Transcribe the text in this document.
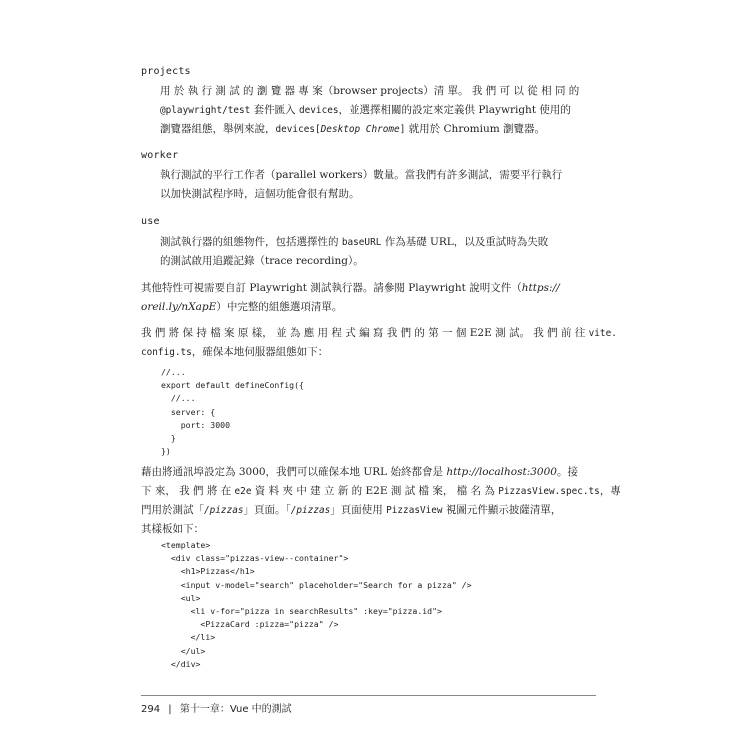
projects
用 於 執 行 測 試 的 瀏 覽 器 專 案（browser projects）清 單。 我 們 可 以 從 相 同 的
@playwright/test 套件匯入 devices，並選擇相關的設定來定義供 Playwright 使用的
瀏覽器組態，舉例來說，devices[Desktop Chrome] 就用於 Chromium 瀏覽器。
worker
執行測試的平行工作者（parallel workers）數量。當我們有許多測試，需要平行執行
以加快測試程序時，這個功能會很有幫助。
use
測試執行器的組態物件，包括選擇性的 baseURL 作為基礎 URL，以及重試時為失敗
的測試啟用追蹤記錄（trace recording）。
其他特性可視需要自訂 Playwright 測試執行器。請參閱 Playwright 說明文件（https://
oreil.ly/nXapE）中完整的組態選項清單。
我 們 將 保 持 檔 案 原 樣， 並 為 應 用 程 式 編 寫 我 們 的 第 一 個 E2E 測 試。 我 們 前 往 vite.
config.ts，確保本地伺服器組態如下：
//...
export default defineConfig({
//...
server: {
port: 3000
}
})
藉由將通訊埠設定為 3000，我們可以確保本地 URL 始終都會是 http://localhost:3000。接
下 來， 我 們 將 在 e2e 資 料 夾 中 建 立 新 的 E2E 測 試 檔 案， 檔 名 為 PizzasView.spec.ts，專
門用於測試「/pizzas」頁面。「/pizzas」頁面使用 PizzasView 視圖元件顯示披薩清單，
其樣板如下：
<template>
<div class="pizzas-view--container">
<h1>Pizzas</h1>
<input v-model="search" placeholder="Search for a pizza" />
<ul>
<li v-for="pizza in searchResults" :key="pizza.id">
<PizzaCard :pizza="pizza" />
</li>
</ul>
</div>
294 | 第十一章：Vue 中的測試
